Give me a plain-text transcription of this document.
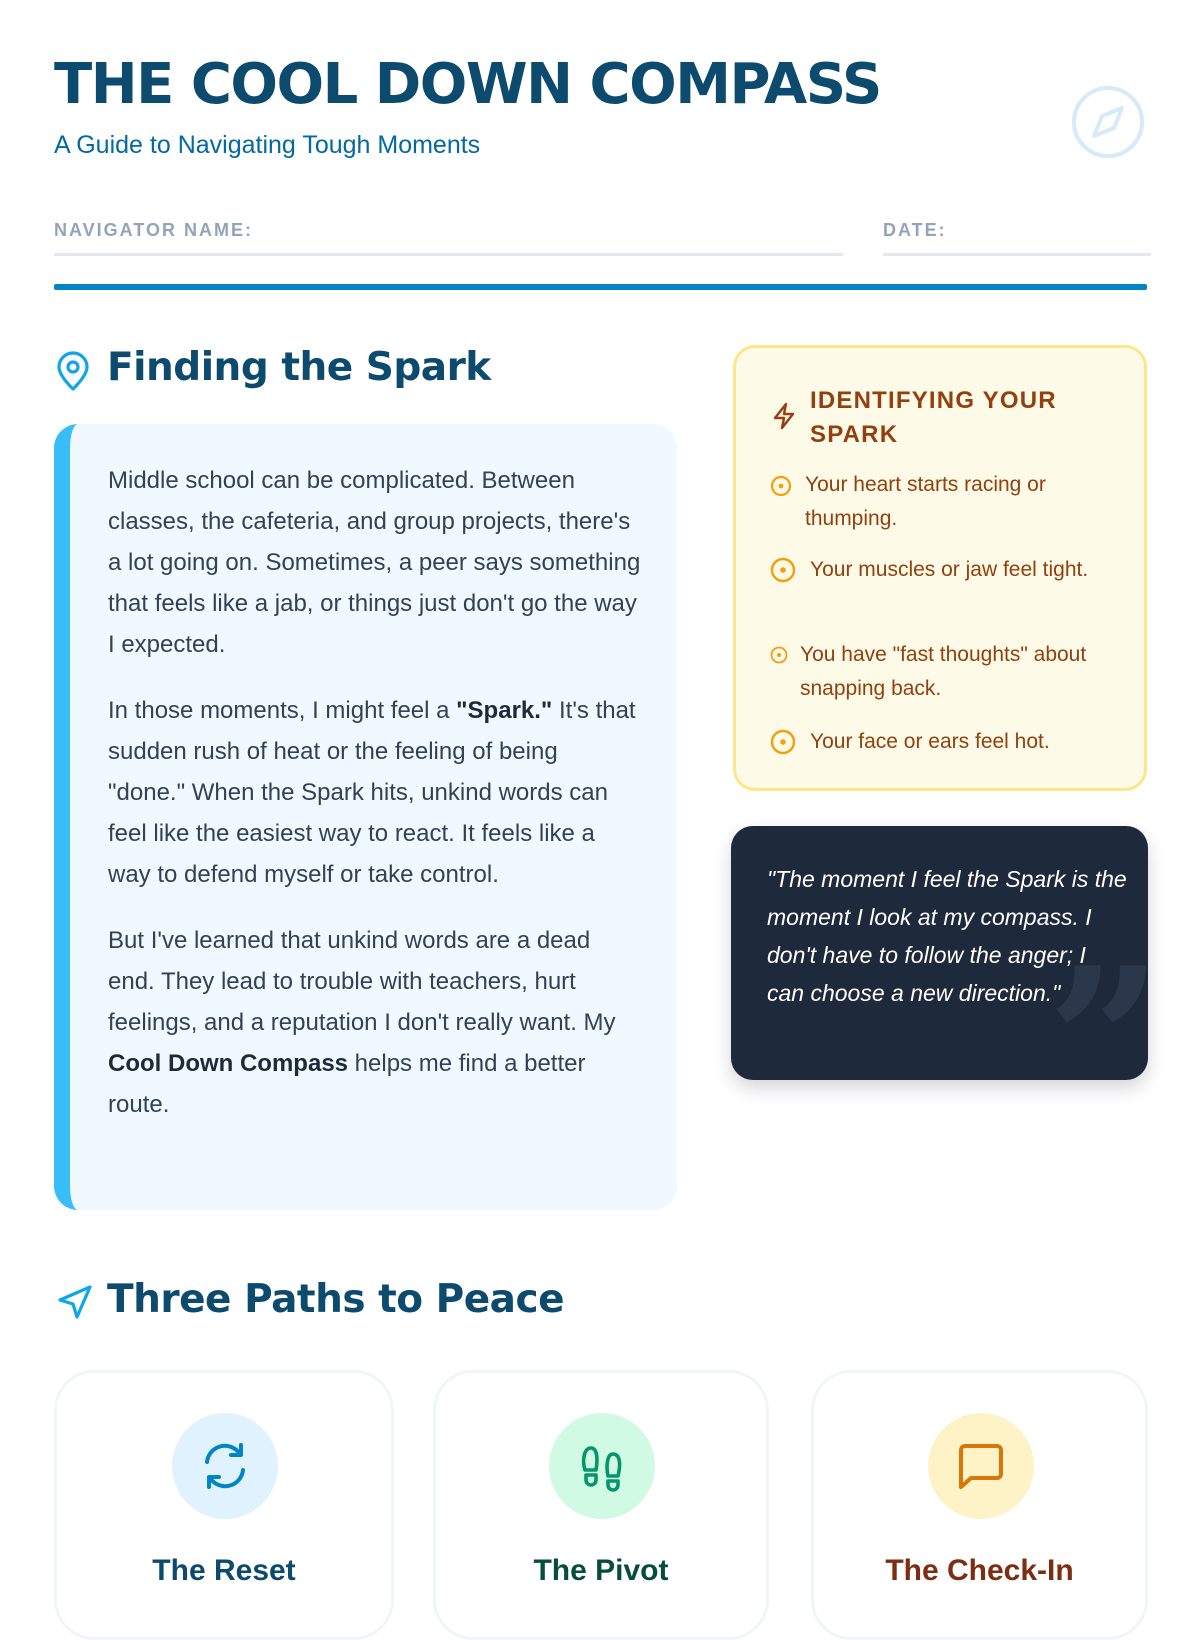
THE COOL DOWN COMPASS
A Guide to Navigating Tough Moments
NAVIGATOR NAME:	DATE:
Finding the Spark

Middle school can be complicated. Between classes, the cafeteria, and group projects, there's a lot going on. Sometimes, a peer says something that feels like a jab, or things just don't go the way I expected.

In those moments, I might feel a "Spark." It's that sudden rush of heat or the feeling of being "done." When the Spark hits, unkind words can feel like the easiest way to react. It feels like a way to defend myself or take control.

But I've learned that unkind words are a dead end. They lead to trouble with teachers, hurt feelings, and a reputation I don't really want. My Cool Down Compass helps me find a better route.

IDENTIFYING YOUR SPARK
Your heart starts racing or thumping.
Your muscles or jaw feel tight.
You have "fast thoughts" about snapping back.
Your face or ears feel hot.
”
"The moment I feel the Spark is the moment I look at my compass. I don't have to follow the anger; I can choose a new direction."
Three Paths to Peace
The Reset	The Pivot	The Check-In
